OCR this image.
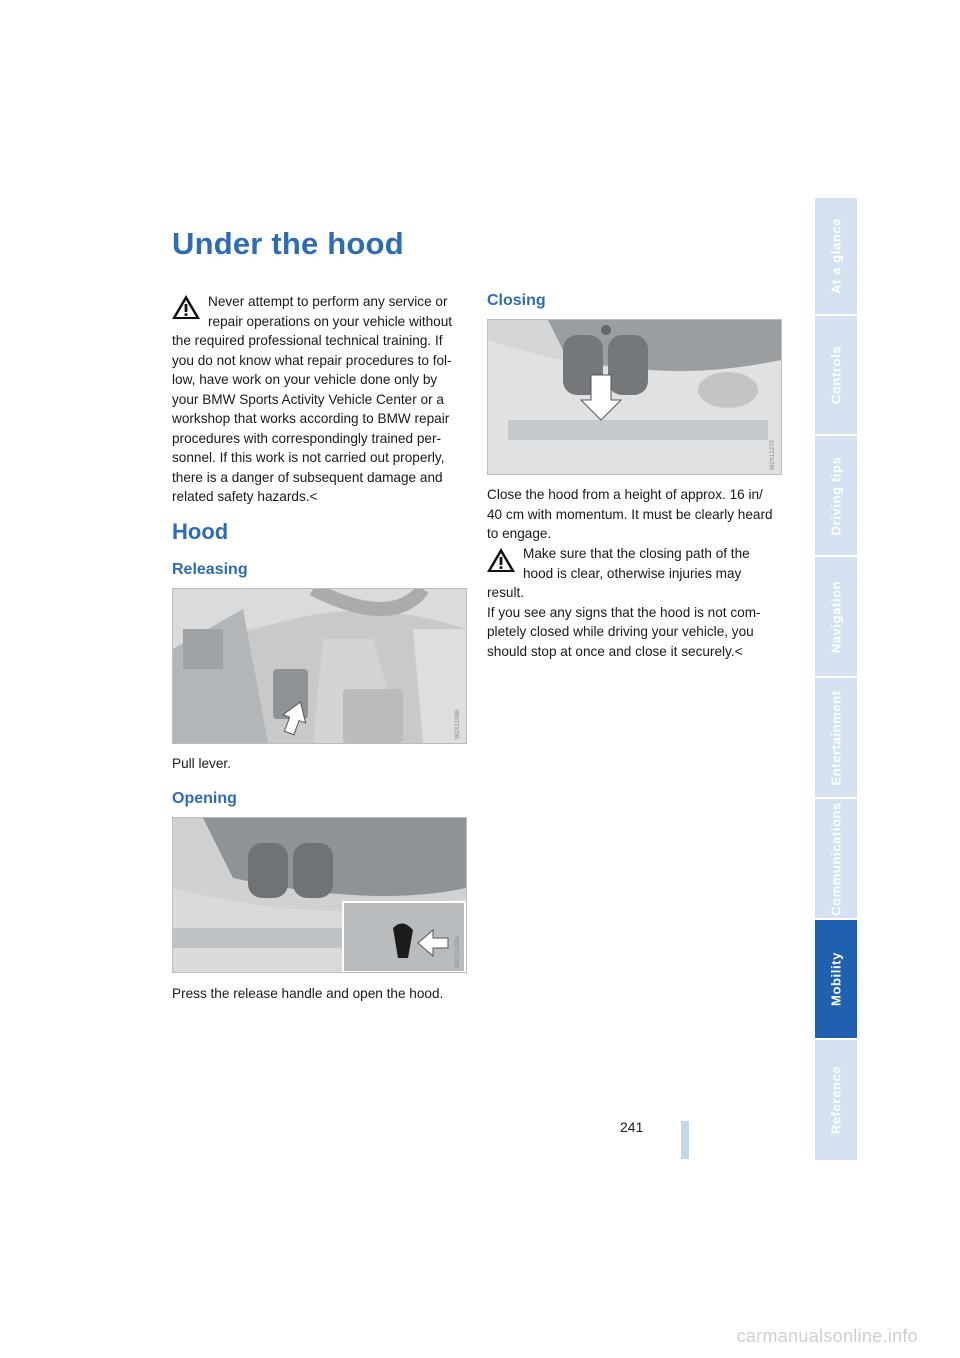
Under the hood

Never attempt to perform any service or

repair operations on your vehicle without

the required professional technical training. If you do not know what repair procedures to fol-low, have work on your vehicle done only by your BMW Sports Activity Vehicle Center or a workshop that works according to BMW repair procedures with correspondingly trained per-sonnel. If this work is not carried out properly, there is a danger of subsequent damage and related safety hazards.<

Hood
Releasing
W2X11089

Pull lever.

Opening
W2X11089a

Press the release handle and open the hood.

Closing
W2X12270

Close the hood from a height of approx. 16 in/ 40 cm with momentum. It must be clearly heard to engage.

Make sure that the closing path of the

hood is clear, otherwise injuries may

result.

If you see any signs that the hood is not com-pletely closed while driving your vehicle, you should stop at once and close it securely.<

At a glance
Controls
Driving tips
Navigation
Entertainment
Communications
Mobility
Reference
241
carmanualsonline.info
